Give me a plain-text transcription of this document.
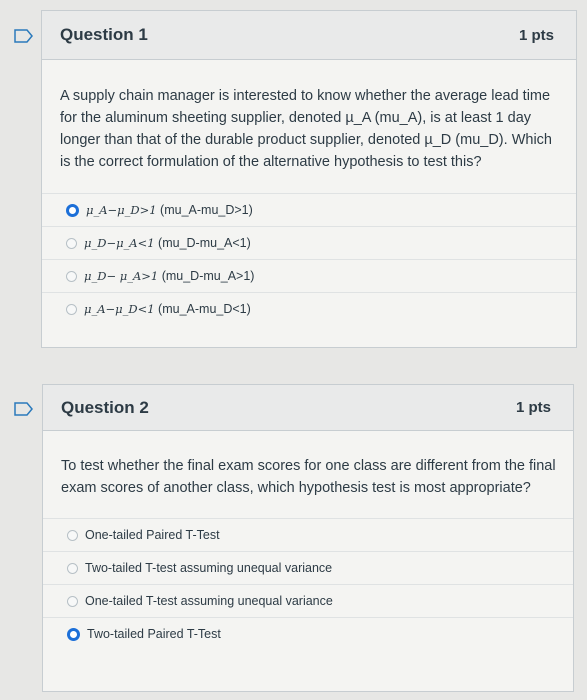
Question 1	1 pts

A supply chain manager is interested to know whether the average lead time for the aluminum sheeting supplier, denoted µ_A (mu_A), is at least 1 day longer than that of the durable product supplier, denoted µ_D (mu_D). Which is the correct formulation of the alternative hypothesis to test this?

μ_A−μ_D>1
(mu_A-mu_D>1)
μ_D−μ_A<1
(mu_D-mu_A<1)
μ_D− μ_A>1
(mu_D-mu_A>1)
μ_A−μ_D<1
(mu_A-mu_D<1)
Question 2	1 pts

To test whether the final exam scores for one class are different from the final exam scores of another class, which hypothesis test is most appropriate?

One-tailed Paired T-Test
Two-tailed T-test assuming unequal variance
One-tailed T-test assuming unequal variance
Two-tailed Paired T-Test
